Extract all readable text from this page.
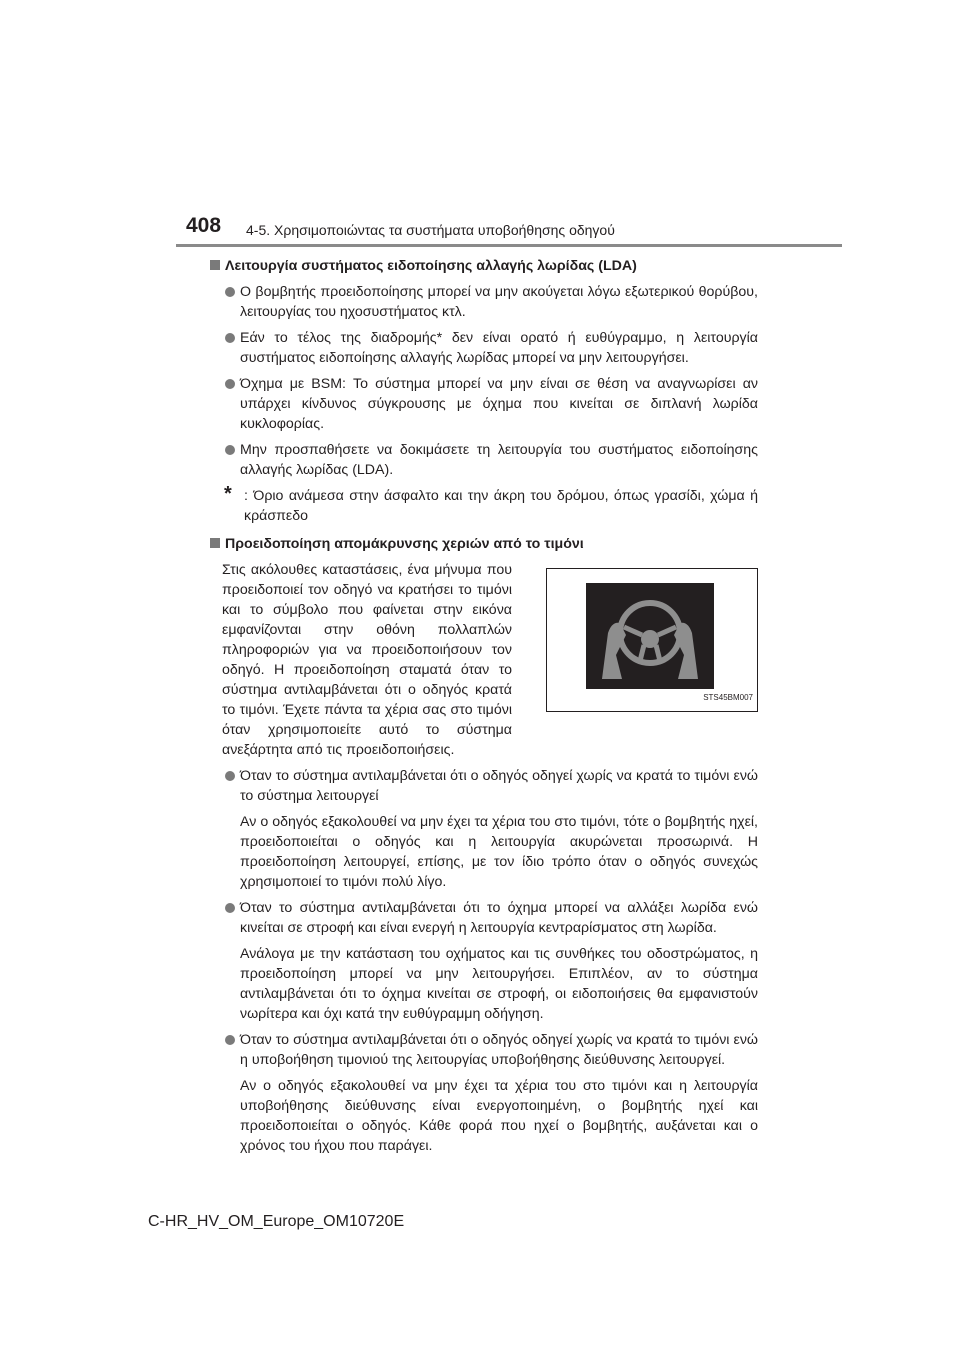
408 4-5. Χρησιμοποιώντας τα συστήματα υποβοήθησης οδηγού
Λειτουργία συστήματος ειδοποίησης αλλαγής λωρίδας (LDA)
Ο βομβητής προειδοποίησης μπορεί να μην ακούγεται λόγω εξωτερικού θορύβου, λειτουργίας του ηχοσυστήματος κτλ.
Εάν το τέλος της διαδρομής* δεν είναι ορατό ή ευθύγραμμο, η λειτουργία συστήματος ειδοποίησης αλλαγής λωρίδας μπορεί να μην λειτουργήσει.
Όχημα με BSM: Το σύστημα μπορεί να μην είναι σε θέση να αναγνωρίσει αν υπάρχει κίνδυνος σύγκρουσης με όχημα που κινείται σε διπλανή λωρίδα κυκλοφορίας.
Μην προσπαθήσετε να δοκιμάσετε τη λειτουργία του συστήματος ειδοποίησης αλλαγής λωρίδας (LDA).
* : Όριο ανάμεσα στην άσφαλτο και την άκρη του δρόμου, όπως γρασίδι, χώμα ή κράσπεδο
Προειδοποίηση απομάκρυνσης χεριών από το τιμόνι
Στις ακόλουθες καταστάσεις, ένα μήνυμα που προειδοποιεί τον οδηγό να κρατήσει το τιμόνι και το σύμβολο που φαίνεται στην εικόνα εμφανίζονται στην οθόνη πολλαπλών πληροφοριών για να προειδοποιήσουν τον οδηγό. Η προειδοποίηση σταματά όταν το σύστημα αντιλαμβάνεται ότι ο οδηγός κρατά το τιμόνι. Έχετε πάντα τα χέρια σας στο τιμόνι όταν χρησιμοποιείτε αυτό το σύστημα ανεξάρτητα από τις προειδοποιήσεις.
STS45BM007
Όταν το σύστημα αντιλαμβάνεται ότι ο οδηγός οδηγεί χωρίς να κρατά το τιμόνι ενώ το σύστημα λειτουργεί
Αν ο οδηγός εξακολουθεί να μην έχει τα χέρια του στο τιμόνι, τότε ο βομβητής ηχεί, προειδοποιείται ο οδηγός και η λειτουργία ακυρώνεται προσωρινά. Η προειδοποίηση λειτουργεί, επίσης, με τον ίδιο τρόπο όταν ο οδηγός συνεχώς χρησιμοποιεί το τιμόνι πολύ λίγο.
Όταν το σύστημα αντιλαμβάνεται ότι το όχημα μπορεί να αλλάξει λωρίδα ενώ κινείται σε στροφή και είναι ενεργή η λειτουργία κεντραρίσματος στη λωρίδα.
Ανάλογα με την κατάσταση του οχήματος και τις συνθήκες του οδοστρώματος, η προειδοποίηση μπορεί να μην λειτουργήσει. Επιπλέον, αν το σύστημα αντιλαμβάνεται ότι το όχημα κινείται σε στροφή, οι ειδοποιήσεις θα εμφανιστούν νωρίτερα και όχι κατά την ευθύγραμμη οδήγηση.
Όταν το σύστημα αντιλαμβάνεται ότι ο οδηγός οδηγεί χωρίς να κρατά το τιμόνι ενώ η υποβοήθηση τιμονιού της λειτουργίας υποβοήθησης διεύθυνσης λειτουργεί.
Αν ο οδηγός εξακολουθεί να μην έχει τα χέρια του στο τιμόνι και η λειτουργία υποβοήθησης διεύθυνσης είναι ενεργοποιημένη, ο βομβητής ηχεί και προειδοποιείται ο οδηγός. Κάθε φορά που ηχεί ο βομβητής, αυξάνεται και ο χρόνος του ήχου που παράγει.
C-HR_HV_OM_Europe_OM10720E
